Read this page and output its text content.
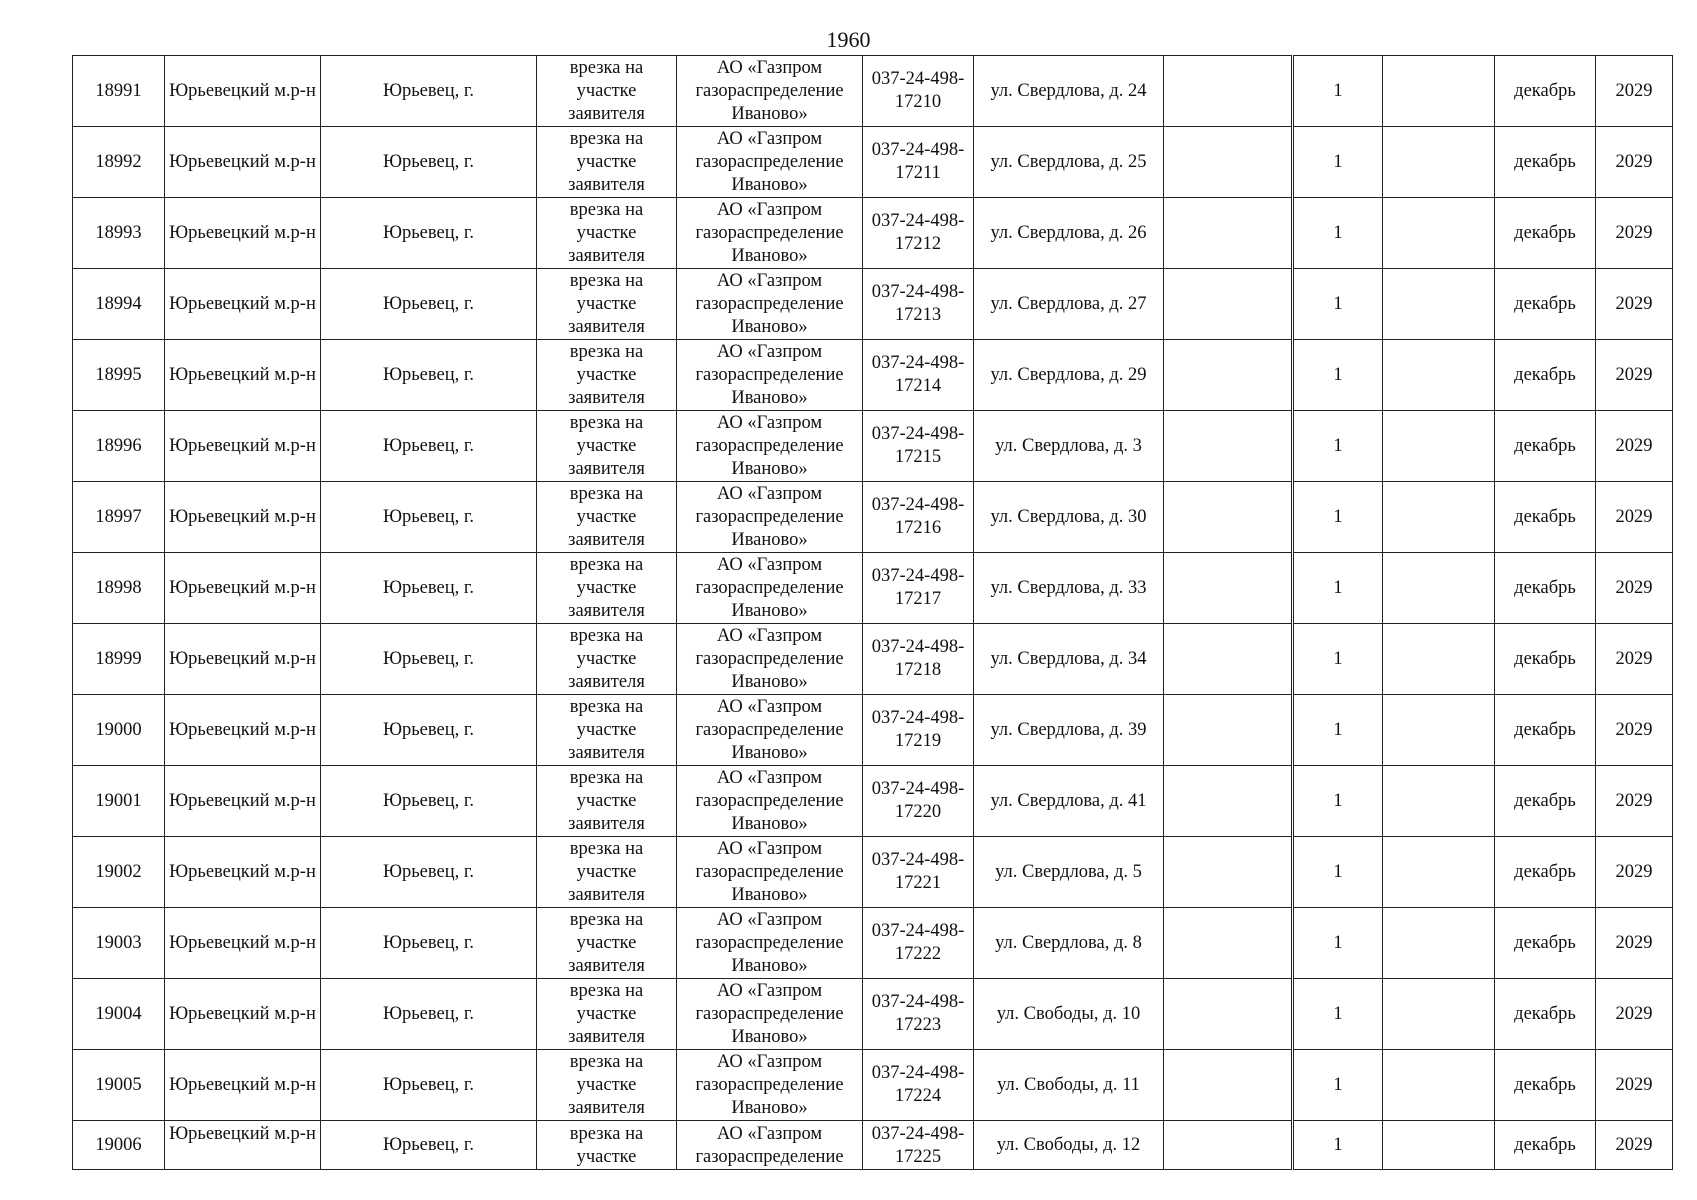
1960
18991	Юрьевецкий м.р-н	Юрьевец, г.	врезка на участке заявителя	АО «Газпром газораспределение Иваново»	037-24-498-17210	ул. Свердлова, д. 24			1		декабрь	2029
18992	Юрьевецкий м.р-н	Юрьевец, г.	врезка на участке заявителя	АО «Газпром газораспределение Иваново»	037-24-498-17211	ул. Свердлова, д. 25			1		декабрь	2029
18993	Юрьевецкий м.р-н	Юрьевец, г.	врезка на участке заявителя	АО «Газпром газораспределение Иваново»	037-24-498-17212	ул. Свердлова, д. 26			1		декабрь	2029
18994	Юрьевецкий м.р-н	Юрьевец, г.	врезка на участке заявителя	АО «Газпром газораспределение Иваново»	037-24-498-17213	ул. Свердлова, д. 27			1		декабрь	2029
18995	Юрьевецкий м.р-н	Юрьевец, г.	врезка на участке заявителя	АО «Газпром газораспределение Иваново»	037-24-498-17214	ул. Свердлова, д. 29			1		декабрь	2029
18996	Юрьевецкий м.р-н	Юрьевец, г.	врезка на участке заявителя	АО «Газпром газораспределение Иваново»	037-24-498-17215	ул. Свердлова, д. 3			1		декабрь	2029
18997	Юрьевецкий м.р-н	Юрьевец, г.	врезка на участке заявителя	АО «Газпром газораспределение Иваново»	037-24-498-17216	ул. Свердлова, д. 30			1		декабрь	2029
18998	Юрьевецкий м.р-н	Юрьевец, г.	врезка на участке заявителя	АО «Газпром газораспределение Иваново»	037-24-498-17217	ул. Свердлова, д. 33			1		декабрь	2029
18999	Юрьевецкий м.р-н	Юрьевец, г.	врезка на участке заявителя	АО «Газпром газораспределение Иваново»	037-24-498-17218	ул. Свердлова, д. 34			1		декабрь	2029
19000	Юрьевецкий м.р-н	Юрьевец, г.	врезка на участке заявителя	АО «Газпром газораспределение Иваново»	037-24-498-17219	ул. Свердлова, д. 39			1		декабрь	2029
19001	Юрьевецкий м.р-н	Юрьевец, г.	врезка на участке заявителя	АО «Газпром газораспределение Иваново»	037-24-498-17220	ул. Свердлова, д. 41			1		декабрь	2029
19002	Юрьевецкий м.р-н	Юрьевец, г.	врезка на участке заявителя	АО «Газпром газораспределение Иваново»	037-24-498-17221	ул. Свердлова, д. 5			1		декабрь	2029
19003	Юрьевецкий м.р-н	Юрьевец, г.	врезка на участке заявителя	АО «Газпром газораспределение Иваново»	037-24-498-17222	ул. Свердлова, д. 8			1		декабрь	2029
19004	Юрьевецкий м.р-н	Юрьевец, г.	врезка на участке заявителя	АО «Газпром газораспределение Иваново»	037-24-498-17223	ул. Свободы, д. 10			1		декабрь	2029
19005	Юрьевецкий м.р-н	Юрьевец, г.	врезка на участке заявителя	АО «Газпром газораспределение Иваново»	037-24-498-17224	ул. Свободы, д. 11			1		декабрь	2029
19006	Юрьевецкий м.р-н	Юрьевец, г.	врезка на участке	АО «Газпром газораспределение	037-24-498-17225	ул. Свободы, д. 12			1		декабрь	2029
